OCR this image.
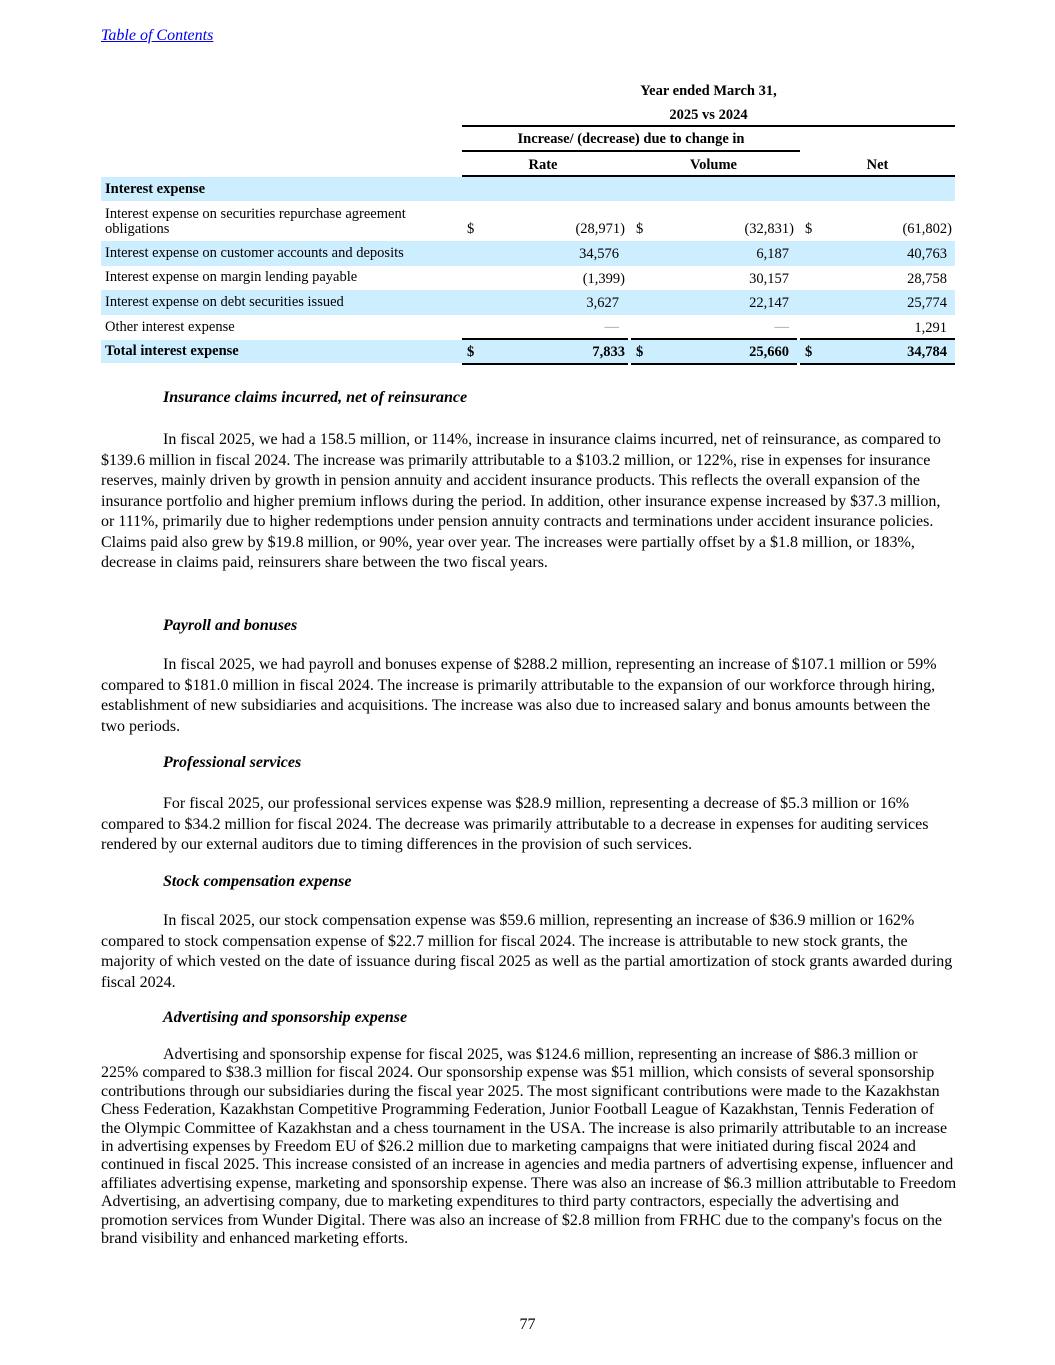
Table of Contents
Year ended March 31,
2025 vs 2024
Increase/ (decrease) due to change in
Rate	Volume	Net
Interest expense
Interest expense on securities repurchase agreement
obligations	$	(28,971) $	(32,831) $	(61,802)
Interest expense on customer accounts and deposits	34,576	6,187	40,763
Interest expense on margin lending payable	(1,399)	30,157	28,758
Interest expense on debt securities issued	3,627	22,147	25,774
Other interest expense	—	—	1,291
Total interest expense	$	7,833 $	25,660 $	34,784
Insurance claims incurred, net of reinsurance
In fiscal 2025, we had a 158.5 million, or 114%, increase in insurance claims incurred, net of reinsurance, as compared to $139.6 million in fiscal 2024. The increase was primarily attributable to a $103.2 million, or 122%, rise in expenses for insurance reserves, mainly driven by growth in pension annuity and accident insurance products. This reflects the overall expansion of the insurance portfolio and higher premium inflows during the period. In addition, other insurance expense increased by $37.3 million, or 111%, primarily due to higher redemptions under pension annuity contracts and terminations under accident insurance policies. Claims paid also grew by $19.8 million, or 90%, year over year. The increases were partially offset by a $1.8 million, or 183%, decrease in claims paid, reinsurers share between the two fiscal years.
Payroll and bonuses
In fiscal 2025, we had payroll and bonuses expense of $288.2 million, representing an increase of $107.1 million or 59% compared to $181.0 million in fiscal 2024. The increase is primarily attributable to the expansion of our workforce through hiring, establishment of new subsidiaries and acquisitions. The increase was also due to increased salary and bonus amounts between the two periods.
Professional services
For fiscal 2025, our professional services expense was $28.9 million, representing a decrease of $5.3 million or 16% compared to $34.2 million for fiscal 2024. The decrease was primarily attributable to a decrease in expenses for auditing services rendered by our external auditors due to timing differences in the provision of such services.
Stock compensation expense
In fiscal 2025, our stock compensation expense was $59.6 million, representing an increase of $36.9 million or 162% compared to stock compensation expense of $22.7 million for fiscal 2024. The increase is attributable to new stock grants, the majority of which vested on the date of issuance during fiscal 2025 as well as the partial amortization of stock grants awarded during fiscal 2024.
Advertising and sponsorship expense
Advertising and sponsorship expense for fiscal 2025, was $124.6 million, representing an increase of $86.3 million or 225% compared to $38.3 million for fiscal 2024. Our sponsorship expense was $51 million, which consists of several sponsorship contributions through our subsidiaries during the fiscal year 2025. The most significant contributions were made to the Kazakhstan Chess Federation, Kazakhstan Competitive Programming Federation, Junior Football League of Kazakhstan, Tennis Federation of the Olympic Committee of Kazakhstan and a chess tournament in the USA. The increase is also primarily attributable to an increase in advertising expenses by Freedom EU of $26.2 million due to marketing campaigns that were initiated during fiscal 2024 and continued in fiscal 2025. This increase consisted of an increase in agencies and media partners of advertising expense, influencer and affiliates advertising expense, marketing and sponsorship expense. There was also an increase of $6.3 million attributable to Freedom Advertising, an advertising company, due to marketing expenditures to third party contractors, especially the advertising and promotion services from Wunder Digital. There was also an increase of $2.8 million from FRHC due to the company's focus on the brand visibility and enhanced marketing efforts.
77
